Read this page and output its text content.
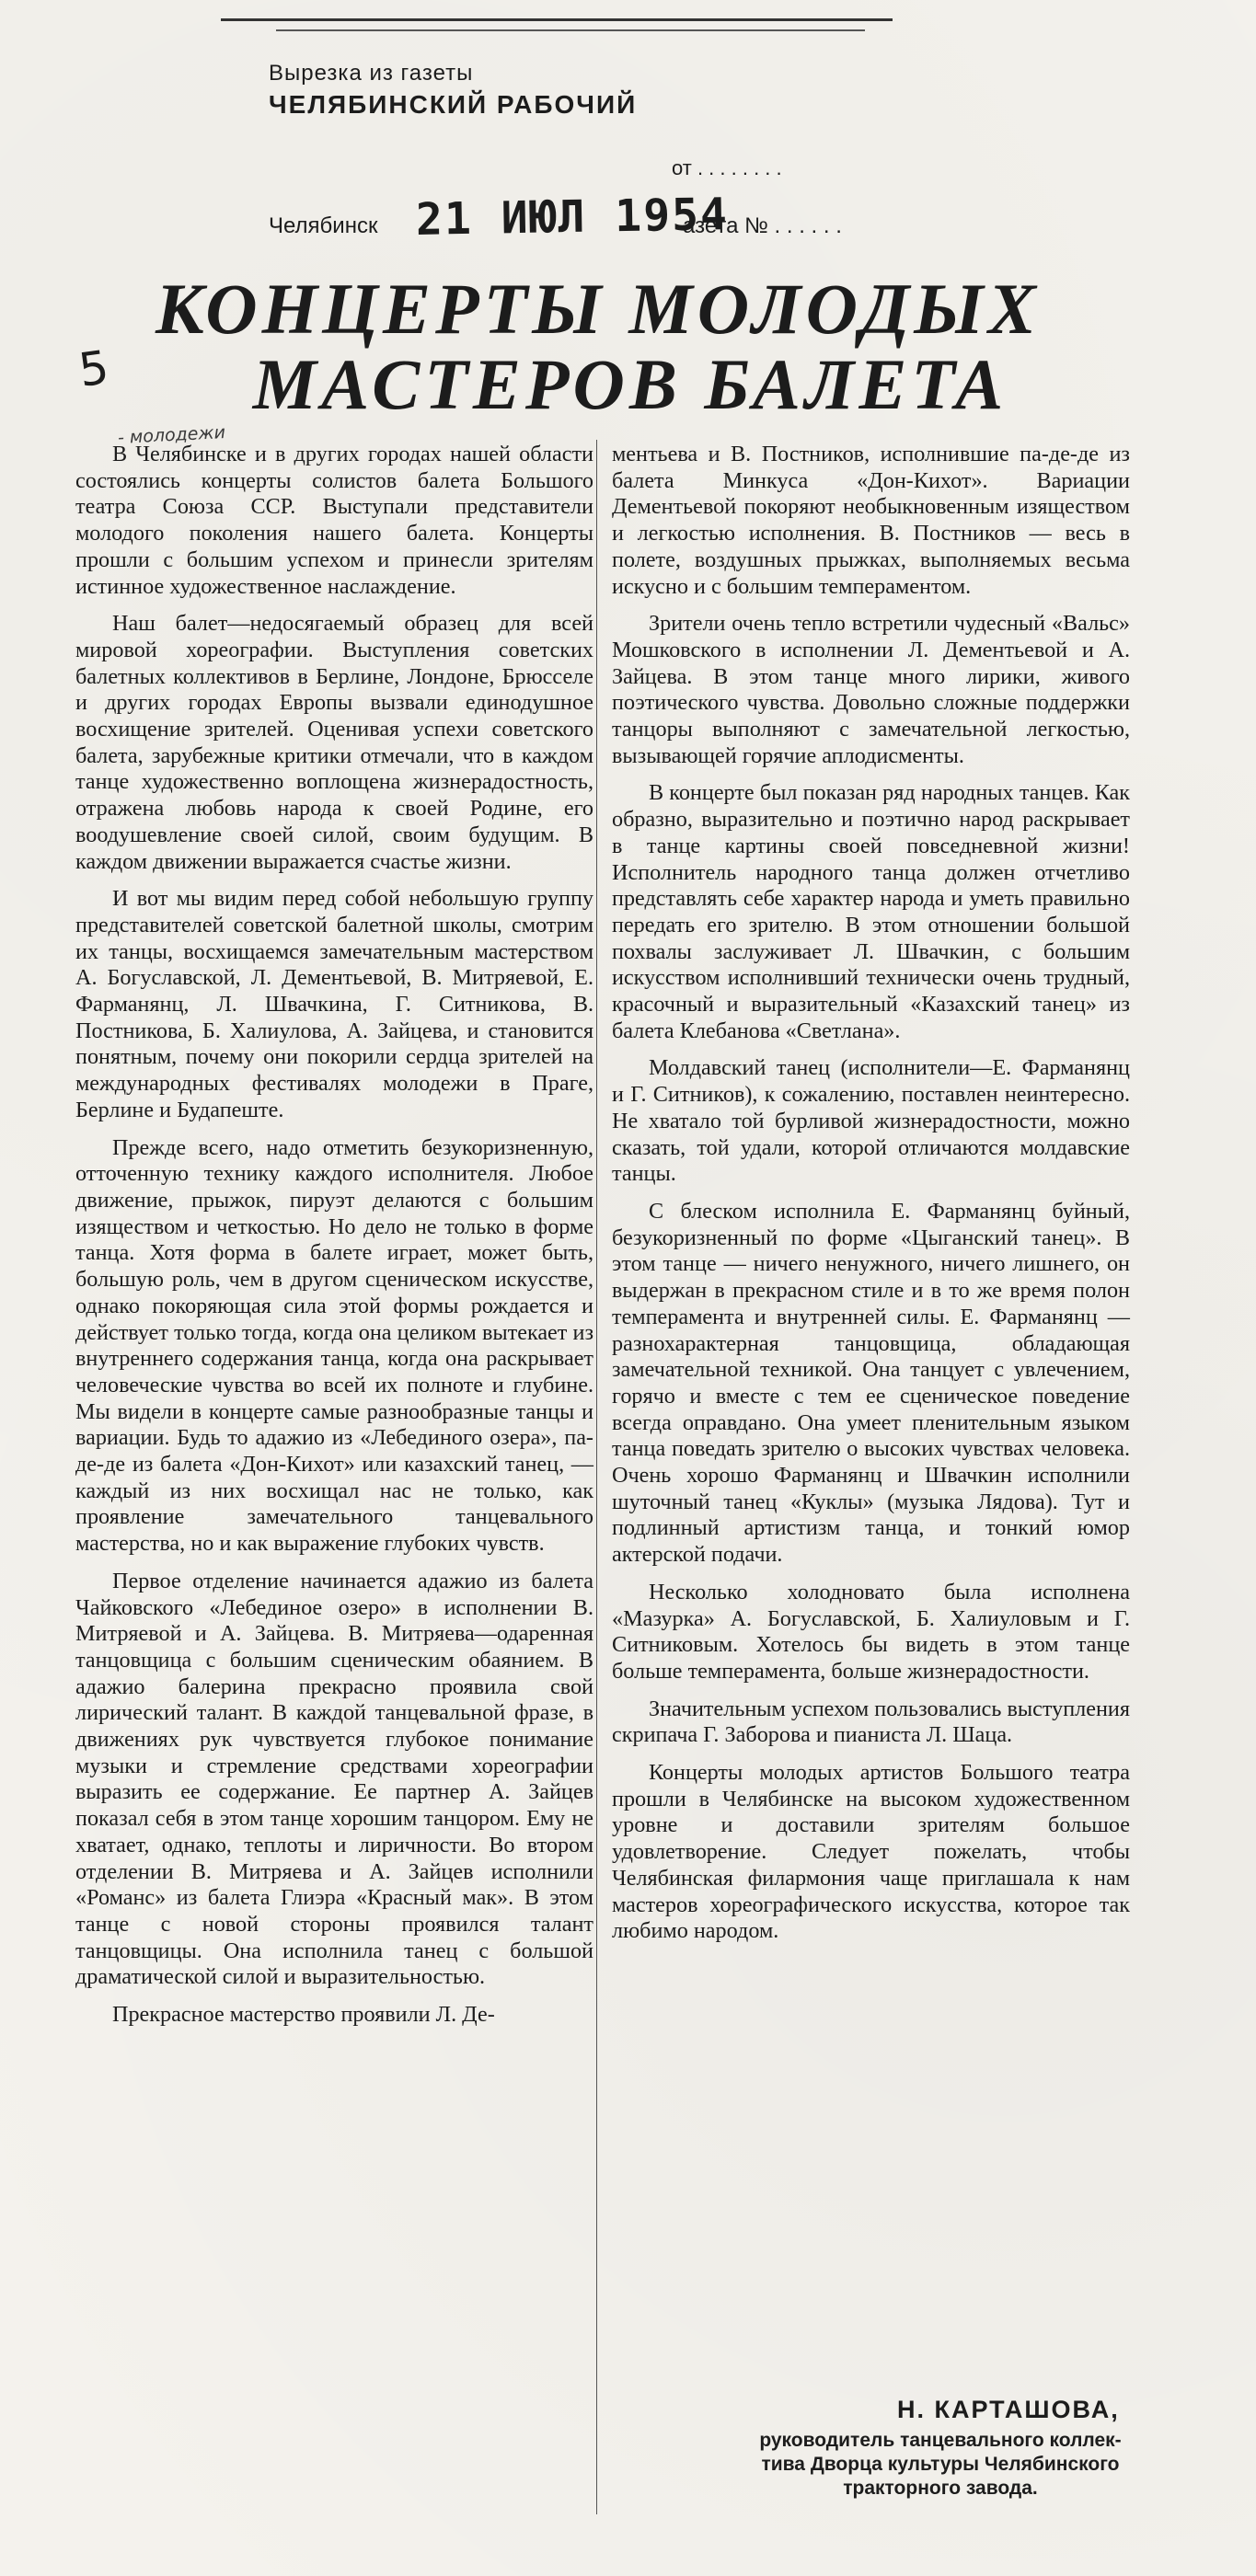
Вырезка из газеты
ЧЕЛЯБИНСКИЙ РАБОЧИЙ
от . . . . . . . .
Челябинск 21 ИЮЛ 1954
азета № . . . . . .
5
КОНЦЕРТЫ МОЛОДЫХ
МАСТЕРОВ БАЛЕТА
- молодежи

В Челябинске и в других городах нашей области состоялись концерты солистов балета Большого театра Союза ССР. Выступали представители молодого поколения нашего балета. Концерты прошли с большим успехом и принесли зрителям истинное художественное наслаждение.

Наш балет—недосягаемый образец для всей мировой хореографии. Выступления советских балетных коллективов в Берлине, Лондоне, Брюсселе и других городах Европы вызвали единодушное восхищение зрителей. Оценивая успехи советского балета, зарубежные критики отмечали, что в каждом танце художественно воплощена жизнерадостность, отражена любовь народа к своей Родине, его воодушевление своей силой, своим будущим. В каждом движении выражается счастье жизни.

И вот мы видим перед собой небольшую группу представителей советской балетной школы, смотрим их танцы, восхищаемся замечательным мастерством А. Богуславской, Л. Дементьевой, В. Митряевой, Е. Фарманянц, Л. Швачкина, Г. Ситникова, В. Постникова, Б. Халиулова, А. Зайцева, и становится понятным, почему они покорили сердца зрителей на международных фестивалях молодежи в Праге, Берлине и Будапеште.

Прежде всего, надо отметить безукоризненную, отточенную технику каждого исполнителя. Любое движение, прыжок, пируэт делаются с большим изяществом и четкостью. Но дело не только в форме танца. Хотя форма в балете играет, может быть, большую роль, чем в другом сценическом искусстве, однако покоряющая сила этой формы рождается и действует только тогда, когда она целиком вытекает из внутреннего содержания танца, когда она раскрывает человеческие чувства во всей их полноте и глубине. Мы видели в концерте самые разнообразные танцы и вариации. Будь то адажио из «Лебединого озера», па-де-де из балета «Дон-Кихот» или казахский танец, — каждый из них восхищал нас не только, как проявление замечательного танцевального мастерства, но и как выражение глубоких чувств.

Первое отделение начинается адажио из балета Чайковского «Лебединое озеро» в исполнении В. Митряевой и А. Зайцева. В. Митряева—одаренная танцовщица с большим сценическим обаянием. В адажио балерина прекрасно проявила свой лирический талант. В каждой танцевальной фразе, в движениях рук чувствуется глубокое понимание музыки и стремление средствами хореографии выразить ее содержание. Ее партнер А. Зайцев показал себя в этом танце хорошим танцором. Ему не хватает, однако, теплоты и лиричности. Во втором отделении В. Митряева и А. Зайцев исполнили «Романс» из балета Глиэра «Красный мак». В этом танце с новой стороны проявился талант танцовщицы. Она исполнила танец с большой драматической силой и выразительностью.

Прекрасное мастерство проявили Л. Де-

ментьева и В. Постников, исполнившие па-де-де из балета Минкуса «Дон-Кихот». Вариации Дементьевой покоряют необыкновенным изяществом и легкостью исполнения. В. Постников — весь в полете, воздушных прыжках, выполняемых весьма искусно и с большим темпераментом.

Зрители очень тепло встретили чудесный «Вальс» Мошковского в исполнении Л. Дементьевой и А. Зайцева. В этом танце много лирики, живого поэтического чувства. Довольно сложные поддержки танцоры выполняют с замечательной легкостью, вызывающей горячие аплодисменты.

В концерте был показан ряд народных танцев. Как образно, выразительно и поэтично народ раскрывает в танце картины своей повседневной жизни! Исполнитель народного танца должен отчетливо представлять себе характер народа и уметь правильно передать его зрителю. В этом отношении большой похвалы заслуживает Л. Швачкин, с большим искусством исполнивший технически очень трудный, красочный и выразительный «Казахский танец» из балета Клебанова «Светлана».

Молдавский танец (исполнители—Е. Фарманянц и Г. Ситников), к сожалению, поставлен неинтересно. Не хватало той бурливой жизнерадостности, можно сказать, той удали, которой отличаются молдавские танцы.

С блеском исполнила Е. Фарманянц буйный, безукоризненный по форме «Цыганский танец». В этом танце — ничего ненужного, ничего лишнего, он выдержан в прекрасном стиле и в то же время полон темперамента и внутренней силы. Е. Фарманянц — разнохарактерная танцовщица, обладающая замечательной техникой. Она танцует с увлечением, горячо и вместе с тем ее сценическое поведение всегда оправдано. Она умеет пленительным языком танца поведать зрителю о высоких чувствах человека. Очень хорошо Фарманянц и Швачкин исполнили шуточный танец «Куклы» (музыка Лядова). Тут и подлинный артистизм танца, и тонкий юмор актерской подачи.

Несколько холодновато была исполнена «Мазурка» А. Богуславской, Б. Халиуловым и Г. Ситниковым. Хотелось бы видеть в этом танце больше темперамента, больше жизнерадостности.

Значительным успехом пользовались выступления скрипача Г. Заборова и пианиста Л. Шаца.

Концерты молодых артистов Большого театра прошли в Челябинске на высоком художественном уровне и доставили зрителям большое удовлетворение. Следует пожелать, чтобы Челябинская филармония чаще приглашала к нам мастеров хореографического искусства, которое так любимо народом.

Н. КАРТАШОВА,
руководитель танцевального коллек-
тива Дворца культуры Челябинского
тракторного завода.
